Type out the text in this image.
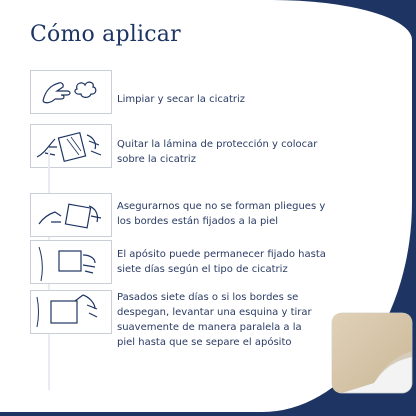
Cómo aplicar
Limpiar y secar la cicatriz
Quitar la lámina de protección y colocar sobre la cicatriz
Asegurarnos que no se forman pliegues y los bordes están fijados a la piel
El apósito puede permanecer fijado hasta siete días según el tipo de cicatriz
Pasados siete días o si los bordes se despegan, levantar una esquina y tirar suavemente de manera paralela a la piel hasta que se separe el apósito
